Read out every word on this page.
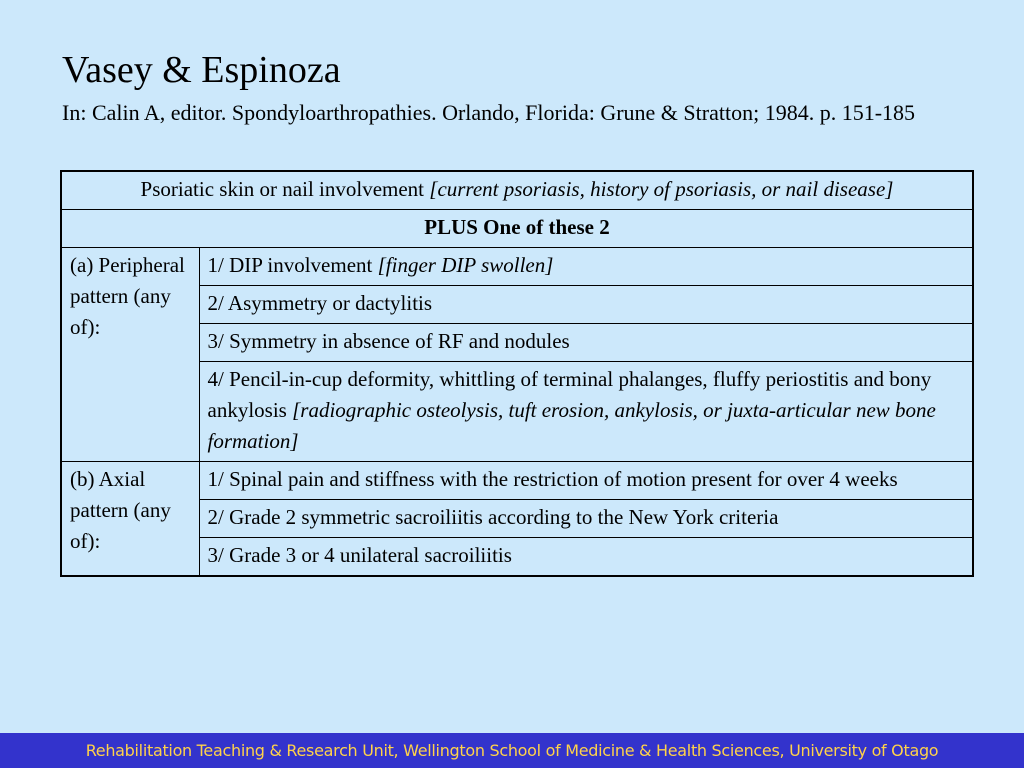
Vasey & Espinoza
In: Calin A, editor. Spondyloarthropathies. Orlando, Florida: Grune & Stratton; 1984. p. 151-185
Psoriatic skin or nail involvement [current psoriasis, history of psoriasis, or nail disease]	
PLUS One of these 2	
(a) Peripheral pattern (any of):	1/ DIP involvement [finger DIP swollen]
	2/ Asymmetry or dactylitis
	3/ Symmetry in absence of RF and nodules
	4/ Pencil-in-cup deformity, whittling of terminal phalanges, fluffy periostitis and bony ankylosis [radiographic osteolysis, tuft erosion, ankylosis, or juxta-articular new bone formation]
(b) Axial pattern (any of):	1/ Spinal pain and stiffness with the restriction of motion present for over 4 weeks
	2/ Grade 2 symmetric sacroiliitis according to the New York criteria
	3/ Grade 3 or 4 unilateral sacroiliitis
Rehabilitation Teaching & Research Unit, Wellington School of Medicine & Health Sciences, University of Otago
